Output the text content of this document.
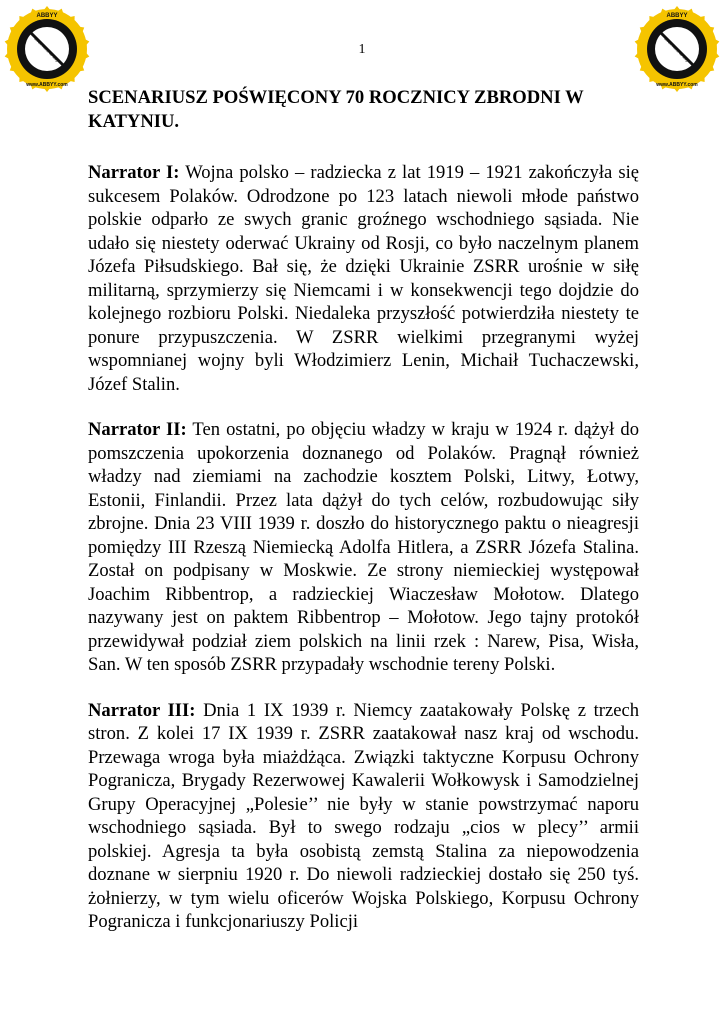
ABBYY
www.ABBYY.com
Click here to buy
ABBYY
www.ABBYY.com
Click here to buy
1

SCENARIUSZ POŚWIĘCONY 70 ROCZNICY ZBRODNI W KATYNIU.

Narrator I: Wojna polsko – radziecka z lat 1919 – 1921 zakończyła się sukcesem Polaków. Odrodzone po 123 latach niewoli młode państwo polskie odparło ze swych granic groźnego wschodniego sąsiada. Nie udało się niestety oderwać Ukrainy od Rosji, co było naczelnym planem Józefa Piłsudskiego. Bał się, że dzięki Ukrainie ZSRR urośnie w siłę militarną, sprzymierzy się Niemcami i w konsekwencji tego dojdzie do kolejnego rozbioru Polski. Niedaleka przyszłość potwierdziła niestety te ponure przypuszczenia. W ZSRR wielkimi przegranymi wyżej wspomnianej wojny byli Włodzimierz Lenin, Michaił Tuchaczewski, Józef Stalin.

Narrator II: Ten ostatni, po objęciu władzy w kraju w 1924 r. dążył do pomszczenia upokorzenia doznanego od Polaków. Pragnął również władzy nad ziemiami na zachodzie kosztem Polski, Litwy, Łotwy, Estonii, Finlandii. Przez lata dążył do tych celów, rozbudowując siły zbrojne. Dnia 23 VIII 1939 r. doszło do historycznego paktu o nieagresji pomiędzy III Rzeszą Niemiecką Adolfa Hitlera, a ZSRR Józefa Stalina. Został on podpisany w Moskwie. Ze strony niemieckiej występował Joachim Ribbentrop, a radzieckiej Wiaczesław Mołotow. Dlatego nazywany jest on paktem Ribbentrop – Mołotow. Jego tajny protokół przewidywał podział ziem polskich na linii rzek : Narew, Pisa, Wisła, San. W ten sposób ZSRR przypadały wschodnie tereny Polski.

Narrator III: Dnia 1 IX 1939 r. Niemcy zaatakowały Polskę z trzech stron. Z kolei 17 IX 1939 r. ZSRR zaatakował nasz kraj od wschodu. Przewaga wroga była miażdżąca. Związki taktyczne Korpusu Ochrony Pogranicza, Brygady Rezerwowej Kawalerii Wołkowysk i Samodzielnej Grupy Operacyjnej „Polesie’’ nie były w stanie powstrzymać naporu wschodniego sąsiada. Był to swego rodzaju „cios w plecy’’ armii polskiej. Agresja ta była osobistą zemstą Stalina za niepowodzenia doznane w sierpniu 1920 r. Do niewoli radzieckiej dostało się 250 tyś. żołnierzy, w tym wielu oficerów Wojska Polskiego, Korpusu Ochrony Pogranicza i funkcjonariuszy Policji
